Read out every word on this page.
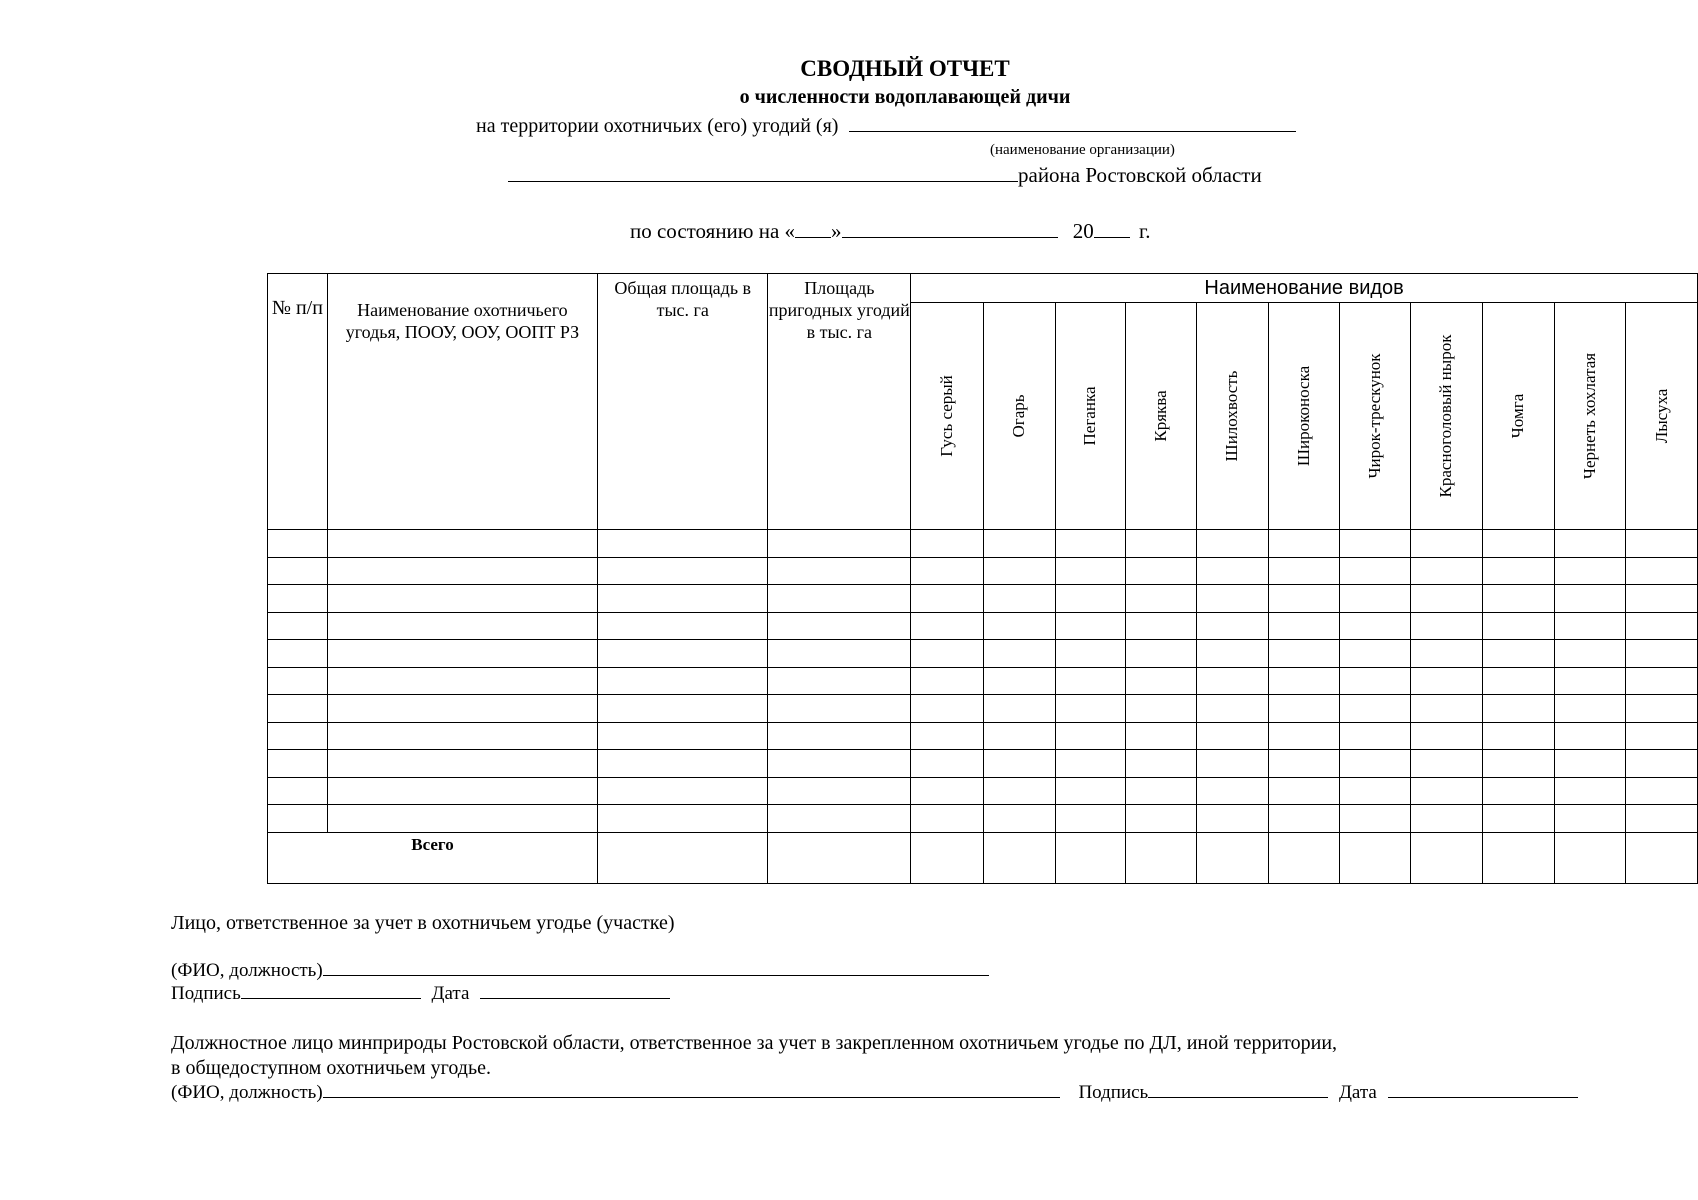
СВОДНЫЙ ОТЧЕТ
о численности водоплавающей дичи
на территории охотничьих (его) угодий (я)
(наименование организации)
района Ростовской области
по состоянию на « »	20 г.
№ п/п	Наименование охотничьего угодья, ПООУ, ООУ, ООПТ РЗ	Общая площадь в тыс. га	Площадь пригодных угодий в тыс. га	Наименование видов										

				Гусь серый	Огарь	Пеганка	Кряква	Шилохвость	Широконоска	Чирок-трескунок	Красноголовый нырок	Чомга	Чернеть хохлатая	Лысуха

Всего														
Лицо, ответственное за учет в охотничьем угодье (участке)
(ФИО, должность)
Подпись	Дата
Должностное лицо минприроды Ростовской области, ответственное за учет в закрепленном охотничьем угодье по ДЛ, иной территории,
в общедоступном охотничьем угодье.
(ФИО, должность)	Подпись	Дата
